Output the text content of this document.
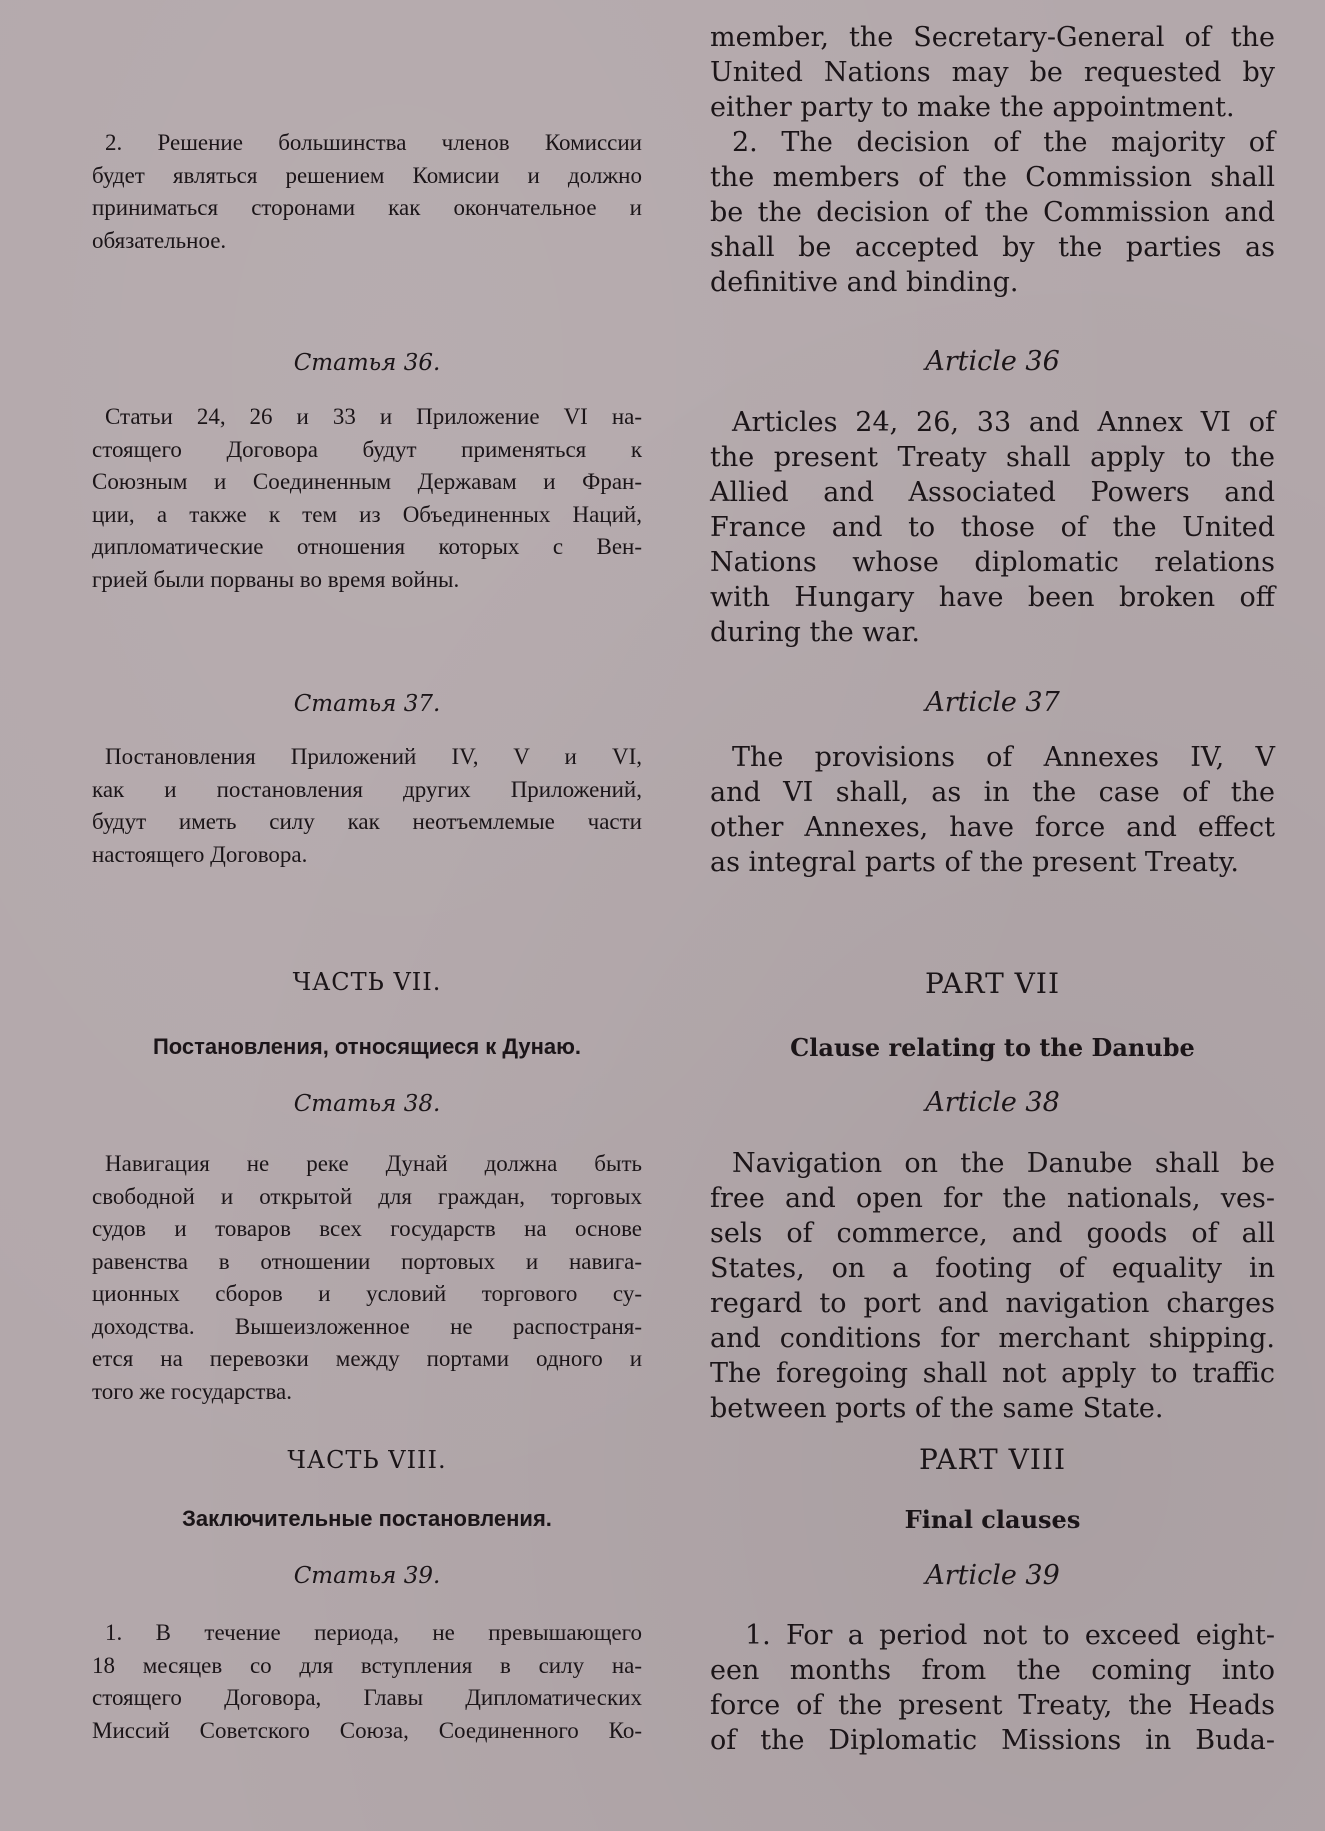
2. Решение большинства членов Комиссии

будет являться решением Комисии и должно
приниматься сторонами как окончательное и
обязательное.

Статья 36.

Статьи 24, 26 и 33 и Приложение VI на-

стоящего Договора будут применяться к
Союзным и Соединенным Державам и Фран-
ции, а также к тем из Объединенных Наций,
дипломатические отношения которых с Вен-
грией были порваны во время войны.

Статья 37.

Постановления Приложений IV, V и VI,

как и постановления других Приложений,
будут иметь силу как неотъемлемые части
настоящего Договора.

ЧАСТЬ VII.
Постановления, относящиеся к Дунаю.
Статья 38.

Навигация не реке Дунай должна быть

свободной и открытой для граждан, торговых
судов и товаров всех государств на основе
равенства в отношении портовых и навига-
ционных сборов и условий торгового су-
доходства. Вышеизложенное не распостраня-
ется на перевозки между портами одного и
того же государства.

ЧАСТЬ VIII.
Заключительные постановления.
Статья 39.

1. В течение периода, не превышающего

18 месяцев со для вступления в силу на-
стоящего Договора, Главы Дипломатических
Миссий Советского Союза, Соединенного Ко-

member, the Secretary-General of the
United Nations may be requested by
either party to make the appointment.

2. The decision of the majority of

the members of the Commission shall
be the decision of the Commission and
shall be accepted by the parties as
definitive and binding.

Article 36

Articles 24, 26, 33 and Annex VI of

the present Treaty shall apply to the
Allied and Associated Powers and
France and to those of the United
Nations whose diplomatic relations
with Hungary have been broken off
during the war.

Article 37

The provisions of Annexes IV, V

and VI shall, as in the case of the
other Annexes, have force and effect
as integral parts of the present Treaty.

PART VII
Clause relating to the Danube
Article 38

Navigation on the Danube shall be

free and open for the nationals, ves-
sels of commerce, and goods of all
States, on a footing of equality in
regard to port and navigation charges
and conditions for merchant shipping.
The foregoing shall not apply to traffic
between ports of the same State.

PART VIII
Final clauses
Article 39

1. For a period not to exceed eight-

een months from the coming into
force of the present Treaty, the Heads
of the Diplomatic Missions in Buda-
